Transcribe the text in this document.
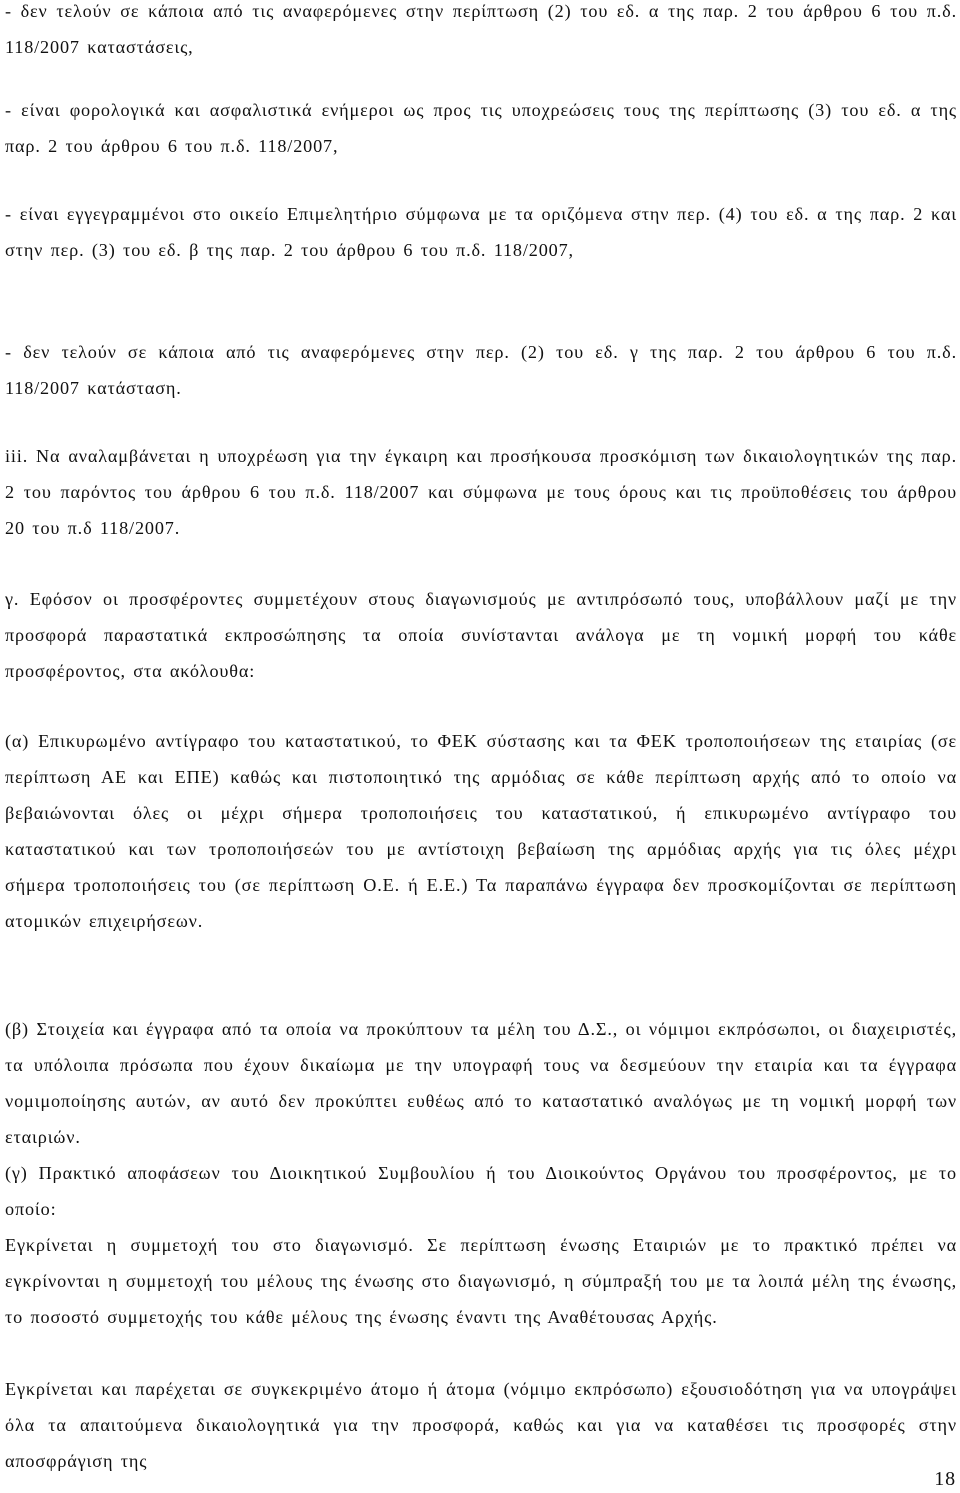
- δεν τελούν σε κάποια από τις αναφερόμενες στην περίπτωση (2) του εδ. α της παρ. 2 του άρθρου 6 του π.δ. 118/2007 καταστάσεις,

- είναι φορολογικά και ασφαλιστικά ενήμεροι ως προς τις υποχρεώσεις τους της περίπτωσης (3) του εδ. α της παρ. 2 του άρθρου 6 του π.δ. 118/2007,

- είναι εγγεγραμμένοι στο οικείο Επιμελητήριο σύμφωνα με τα οριζόμενα στην περ. (4) του εδ. α της παρ. 2 και στην περ. (3) του εδ. β της παρ. 2 του άρθρου 6 του π.δ. 118/2007,

- δεν τελούν σε κάποια από τις αναφερόμενες στην περ. (2) του εδ. γ της παρ. 2 του άρθρου 6 του π.δ. 118/2007 κατάσταση.

iii. Να αναλαμβάνεται η υποχρέωση για την έγκαιρη και προσήκουσα προσκόμιση των δικαιολογητικών της παρ. 2 του παρόντος του άρθρου 6 του π.δ. 118/2007 και σύμφωνα με τους όρους και τις προϋποθέσεις του άρθρου 20 του π.δ 118/2007.

γ. Εφόσον οι προσφέροντες συμμετέχουν στους διαγωνισμούς με αντιπρόσωπό τους, υποβάλλουν μαζί με την προσφορά παραστατικά εκπροσώπησης τα οποία συνίστανται ανάλογα με τη νομική μορφή του κάθε προσφέροντος, στα ακόλουθα:

(α) Επικυρωμένο αντίγραφο του καταστατικού, το ΦΕΚ σύστασης και τα ΦΕΚ τροποποιήσεων της εταιρίας (σε περίπτωση ΑΕ και ΕΠΕ) καθώς και πιστοποιητικό της αρμόδιας σε κάθε περίπτωση αρχής από το οποίο να βεβαιώνονται όλες οι μέχρι σήμερα τροποποιήσεις του καταστατικού, ή επικυρωμένο αντίγραφο του καταστατικού και των τροποποιήσεών του με αντίστοιχη βεβαίωση της αρμόδιας αρχής για τις όλες μέχρι σήμερα τροποποιήσεις του (σε περίπτωση Ο.Ε. ή Ε.Ε.) Τα παραπάνω έγγραφα δεν προσκομίζονται σε περίπτωση ατομικών επιχειρήσεων.

(β) Στοιχεία και έγγραφα από τα οποία να προκύπτουν τα μέλη του Δ.Σ., οι νόμιμοι εκπρόσωποι, οι διαχειριστές, τα υπόλοιπα πρόσωπα που έχουν δικαίωμα με την υπογραφή τους να δεσμεύουν την εταιρία και τα έγγραφα νομιμοποίησης αυτών, αν αυτό δεν προκύπτει ευθέως από το καταστατικό αναλόγως με τη νομική μορφή των εταιριών.

(γ) Πρακτικό αποφάσεων του Διοικητικού Συμβουλίου ή του Διοικούντος Οργάνου του προσφέροντος, με το οποίο:

Εγκρίνεται η συμμετοχή του στο διαγωνισμό. Σε περίπτωση ένωσης Εταιριών με το πρακτικό πρέπει να εγκρίνονται η συμμετοχή του μέλους της ένωσης στο διαγωνισμό, η σύμπραξή του με τα λοιπά μέλη της ένωσης, το ποσοστό συμμετοχής του κάθε μέλους της ένωσης έναντι της Αναθέτουσας Αρχής.

Εγκρίνεται και παρέχεται σε συγκεκριμένο άτομο ή άτομα (νόμιμο εκπρόσωπο) εξουσιοδότηση για να υπογράψει όλα τα απαιτούμενα δικαιολογητικά για την προσφορά, καθώς και για να καταθέσει τις προσφορές στην αποσφράγιση της

18
